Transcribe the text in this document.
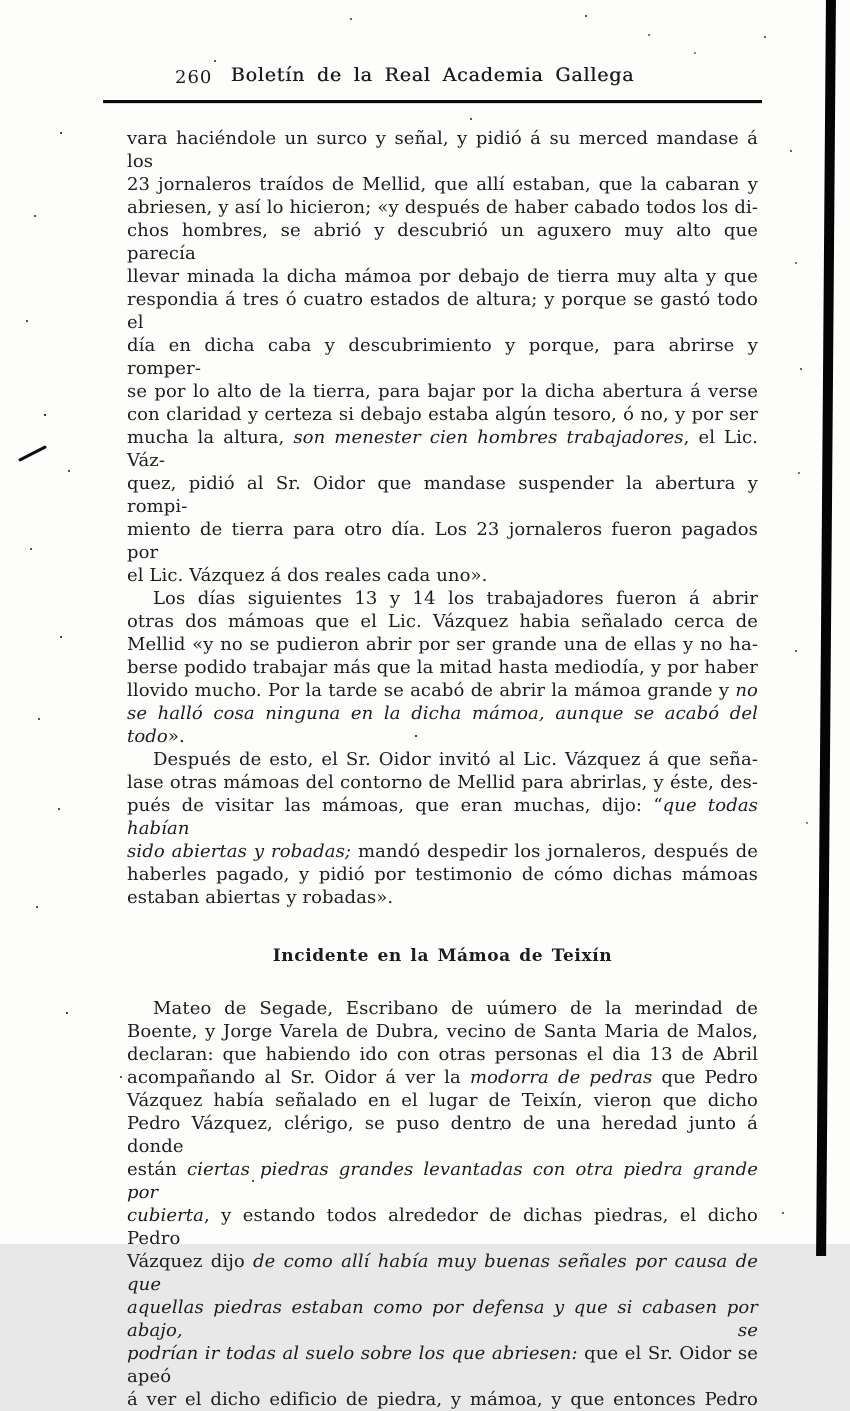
260 Boletín de la Real Academia Gallega
vara haciéndole un surco y señal, y pidió á su merced mandase á los
23 jornaleros traídos de Mellid, que allí estaban, que la cabaran y
abriesen, y así lo hicieron; «y después de haber cabado todos los di-
chos hombres, se abrió y descubrió un aguxero muy alto que parecía
llevar minada la dicha mámoa por debajo de tierra muy alta y que
respondia á tres ó cuatro estados de altura; y porque se gastó todo el
día en dicha caba y descubrimiento y porque, para abrirse y romper-
se por lo alto de la tierra, para bajar por la dicha abertura á verse
con claridad y certeza si debajo estaba algún tesoro, ó no, y por ser
mucha la altura, son menester cien hombres trabajadores, el Lic. Váz-
quez, pidió al Sr. Oidor que mandase suspender la abertura y rompi-
miento de tierra para otro día. Los 23 jornaleros fueron pagados por
el Lic. Vázquez á dos reales cada uno».
Los días siguientes 13 y 14 los trabajadores fueron á abrir
otras dos mámoas que el Lic. Vázquez habia señalado cerca de
Mellid «y no se pudieron abrir por ser grande una de ellas y no ha-
berse podido trabajar más que la mitad hasta mediodía, y por haber
llovido mucho. Por la tarde se acabó de abrir la mámoa grande y no
se halló cosa ninguna en la dicha mámoa, aunque se acabó del todo».
Después de esto, el Sr. Oidor invitó al Lic. Vázquez á que seña-
lase otras mámoas del contorno de Mellid para abrirlas, y éste, des-
pués de visitar las mámoas, que eran muchas, dijo: “que todas habían
sido abiertas y robadas; mandó despedir los jornaleros, después de
haberles pagado, y pidió por testimonio de cómo dichas mámoas
estaban abiertas y robadas».
Incidente en la Mámoa de Teixín
Mateo de Segade, Escribano de uúmero de la merindad de
Boente, y Jorge Varela de Dubra, vecino de Santa Maria de Malos,
declaran: que habiendo ido con otras personas el dia 13 de Abril
acompañando al Sr. Oidor á ver la modorra de pedras que Pedro
Vázquez había señalado en el lugar de Teixín, vieron que dicho
Pedro Vázquez, clérigo, se puso dentro de una heredad junto á donde
están ciertas piedras grandes levantadas con otra piedra grande por
cubierta, y estando todos alrededor de dichas piedras, el dicho Pedro
Vázquez dijo de como allí había muy buenas señales por causa de que
aquellas piedras estaban como por defensa y que si cabasen por abajo, se
podrían ir todas al suelo sobre los que abriesen: que el Sr. Oidor se apeó
á ver el dicho edificio de piedra, y mámoa, y que entonces Pedro
